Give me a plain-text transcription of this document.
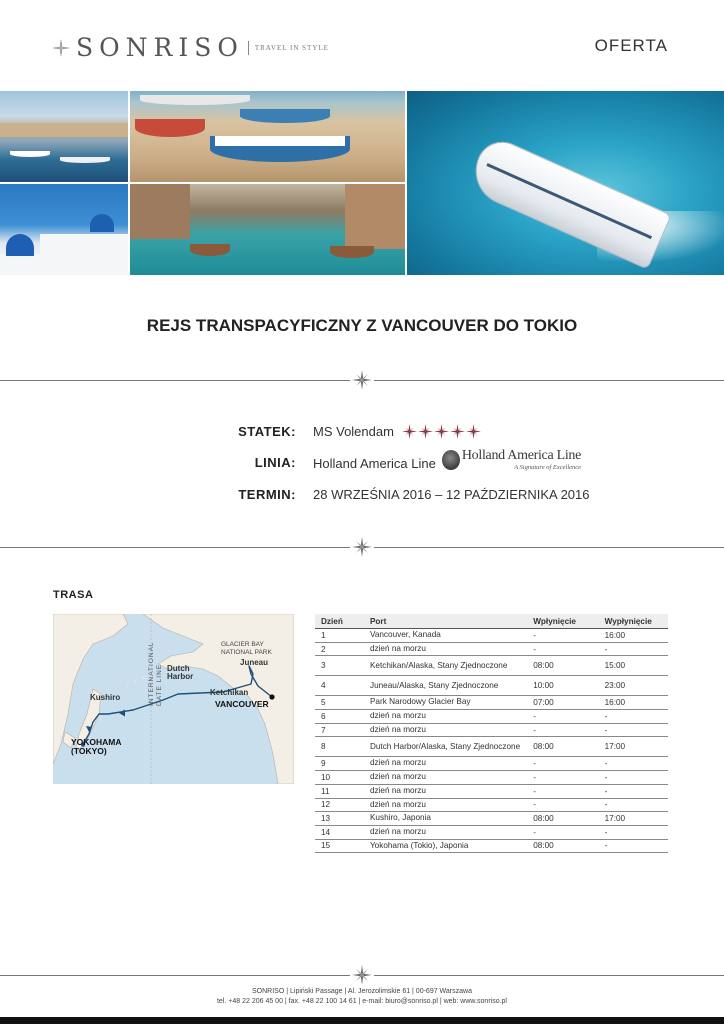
SONRISO TRAVEL IN STYLE	OFERTA
REJS TRANSPACYFICZNY Z VANCOUVER DO TOKIO
STATEK: MS Volendam
LINIA: Holland America Line
Holland America Line
A Signature of Excellence
TERMIN: 28 WRZEŚNIA 2016 – 12 PAŹDZIERNIKA 2016
TRASA
GLACIER BAY NATIONAL PARK
Juneau
Dutch Harbor
INTERNATIONAL DATE LINE	Ketchikan
VANCOUVER
Kushiro
YOKOHAMA (TOKYO)
Dzień	Port	Wpłynięcie	Wypłynięcie
1	Vancouver, Kanada	-	16:00
2	dzień na morzu	-	-
3	Ketchikan/Alaska, Stany Zjednoczone	08:00	15:00
4	Juneau/Alaska, Stany Zjednoczone	10:00	23:00
5	Park Narodowy Glacier Bay	07:00	16:00
6	dzień na morzu	-	-
7	dzień na morzu	-	-
8	Dutch Harbor/Alaska, Stany Zjednoczone	08:00	17:00
9	dzień na morzu	-	-
10	dzień na morzu	-	-
11	dzień na morzu	-	-
12	dzień na morzu	-	-
13	Kushiro, Japonia	08:00	17:00
14	dzień na morzu	-	-
15	Yokohama (Tokio), Japonia	08:00	-
SONRISO | Lipiński Passage | Al. Jerozolimskie 61 | 00-697 Warszawa
tel. +48 22 206 45 00 | fax. +48 22 100 14 61 | e-mail: biuro@sonriso.pl | web: www.sonriso.pl
